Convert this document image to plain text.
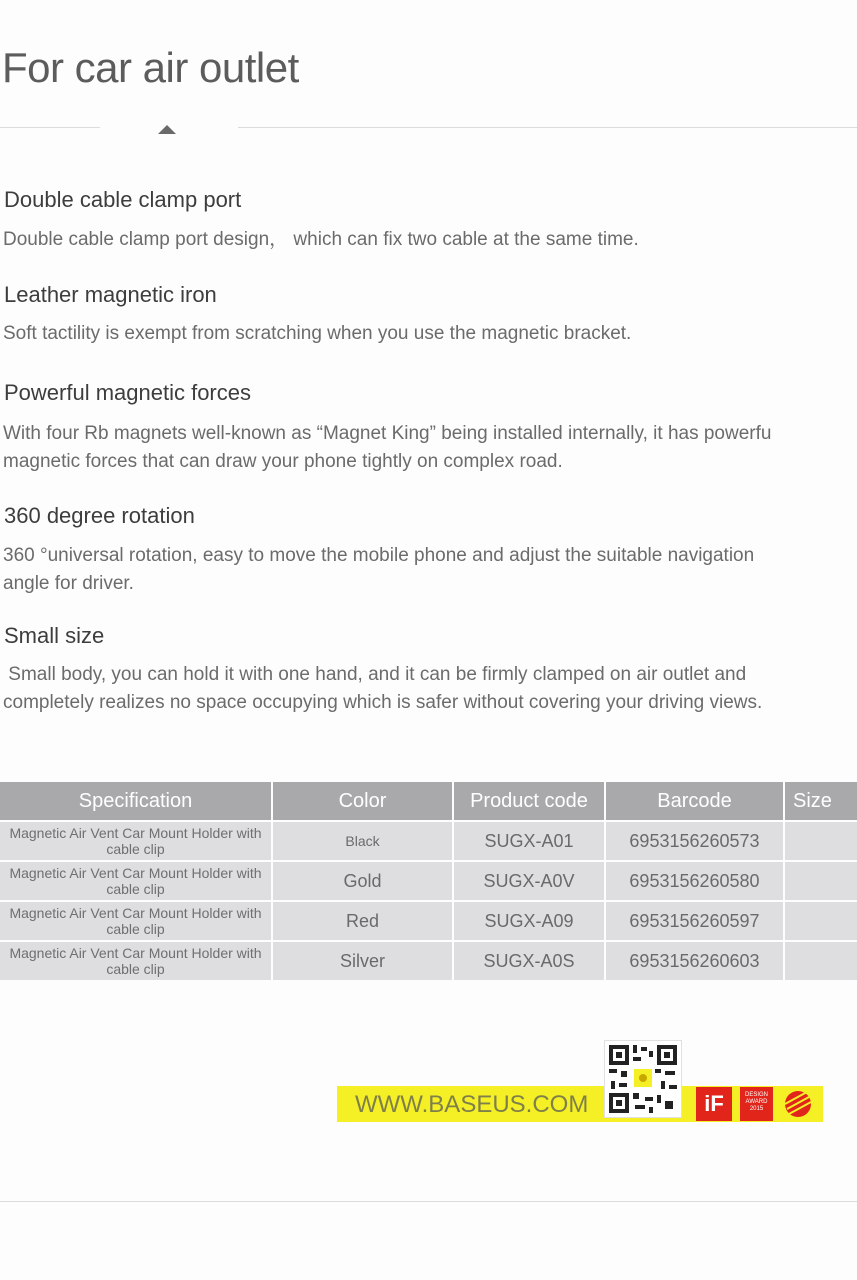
For car air outlet
Double cable clamp port
Double cable clamp port design， which can fix two cable at the same time.
Leather magnetic iron
Soft tactility is exempt from scratching when you use the magnetic bracket.
Powerful magnetic forces
With four Rb magnets well-known as “Magnet King” being installed internally, it has powerfu
magnetic forces that can draw your phone tightly on complex road.
360 degree rotation
360 °universal rotation, easy to move the mobile phone and adjust the suitable navigation
angle for driver.
Small size
Small body, you can hold it with one hand, and it can be firmly clamped on air outlet and
completely realizes no space occupying which is safer without covering your driving views.
Specification	Color	Product code	Barcode	Size
Magnetic Air Vent Car Mount Holder with cable clip	Black	SUGX-A01	6953156260573	
Magnetic Air Vent Car Mount Holder with cable clip	Gold	SUGX-A0V	6953156260580	
Magnetic Air Vent Car Mount Holder with cable clip	Red	SUGX-A09	6953156260597	
Magnetic Air Vent Car Mount Holder with cable clip	Silver	SUGX-A0S	6953156260603	
WWW.BASEUS.COM	iF	DESIGN AWARD 2015
